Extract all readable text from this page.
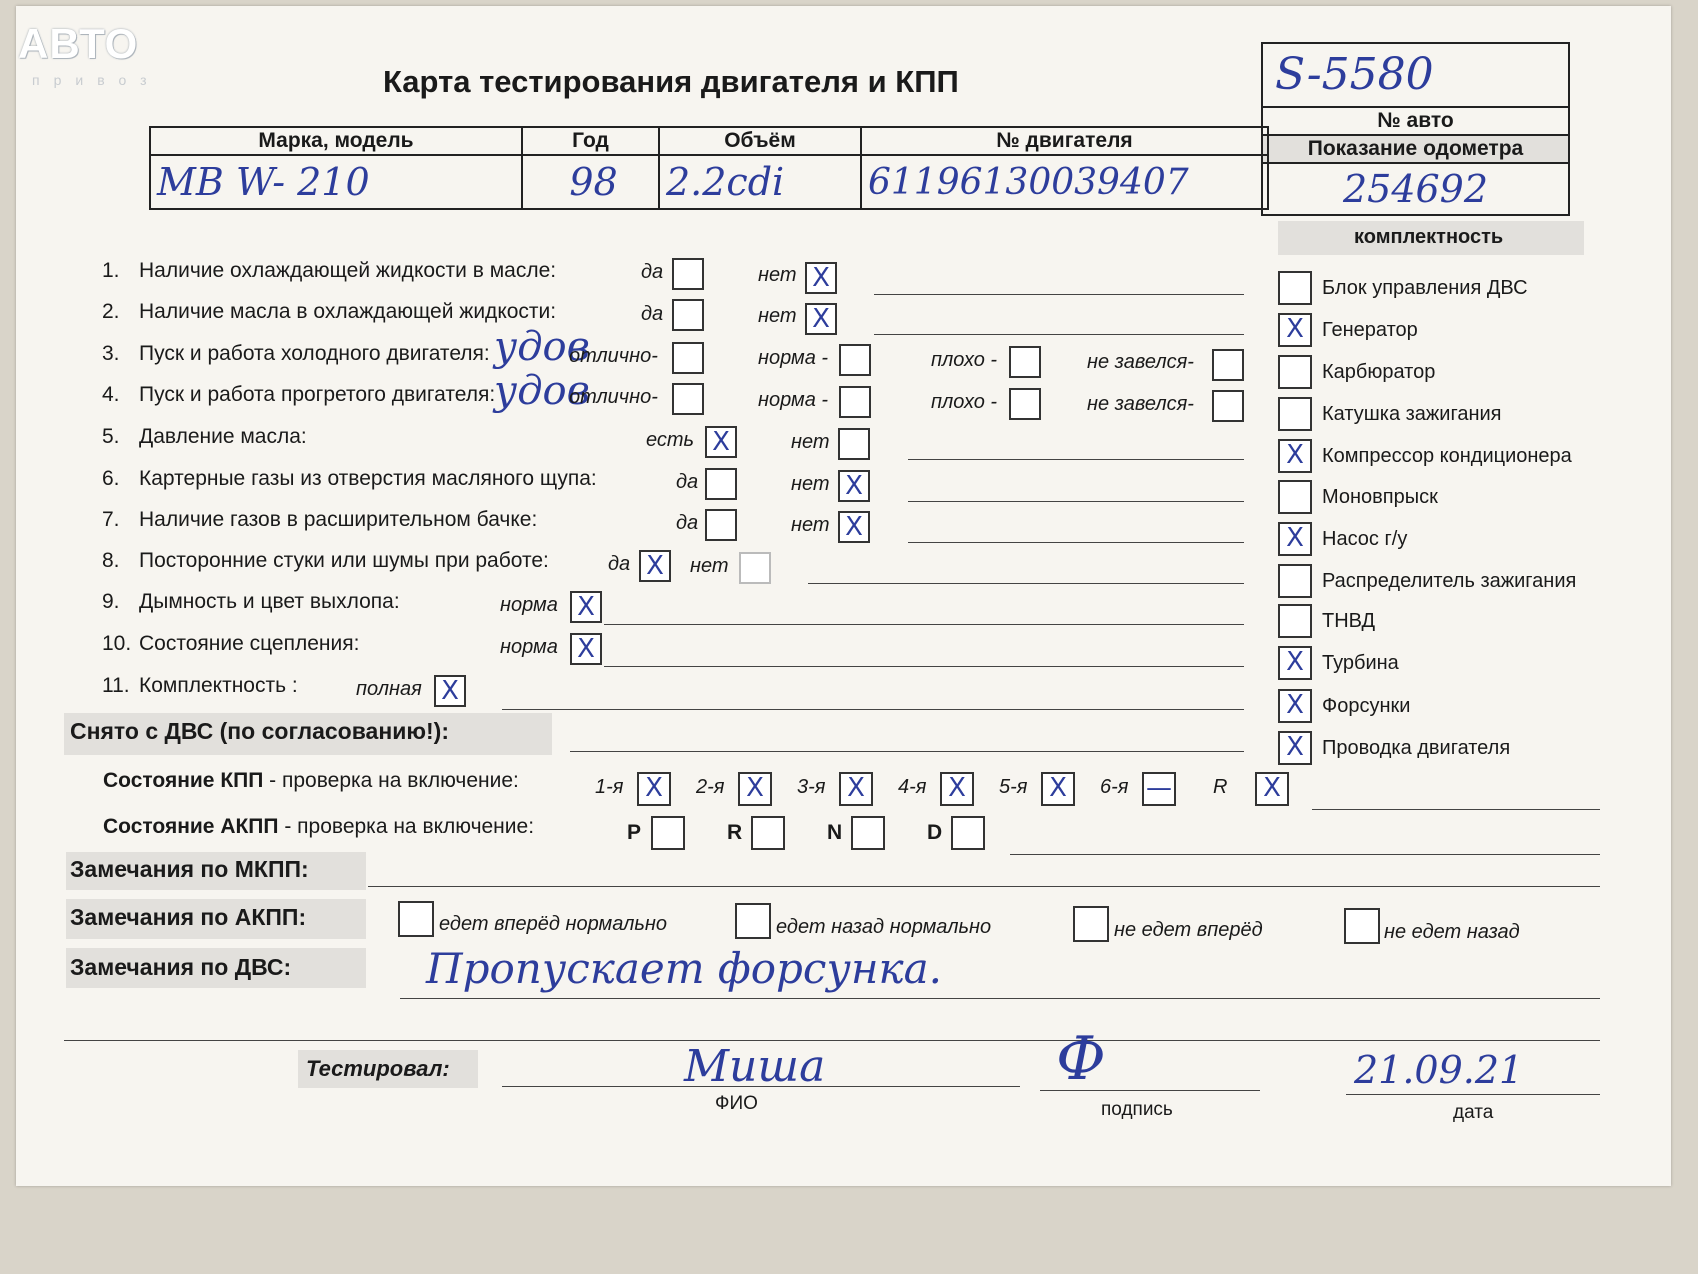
АВТО
привоз	Карта тестирования двигателя и КПП	S-5580
№ авто
Показание одометра
254692
Марка, модель	Год	Объём	№ двигателя
MB W- 210	98	2.2cdi	61196130039407
1. Наличие охлаждающей жидкости в масле:	да	нет X
2. Наличие масла в охлаждающей жидкости:	да	нет X
3. Пуск и работа холодного двигателя: удов
отлично-	норма -	плохо -	не завелся-
4. Пуск и работа прогретого двигателя:
удов
отлично-	норма -	плохо -	не завелся-
5. Давление масла:	есть X	нет
6. Картерные газы из отверстия масляного щупа:	да	нет X
7. Наличие газов в расширительном бачке:	да	нет X
8. Посторонние стуки или шумы при работе:	да X	нет
9. Дымность и цвет выхлопа:	норма X
10. Состояние сцепления:	норма X
11. Комплектность :	полная X
комплектность
Блок управления ДВС
X Генератор
Карбюратор
Катушка зажигания
X Компрессор кондиционера
Моновпрыск
X Насос г/у
Распределитель зажигания
ТНВД
X Турбина
X Форсунки
X Проводка двигателя
Снято с ДВС (по согласованию!):
Состояние КПП - проверка на включение:	1-я X	2-я X	3-я X	4-я X	5-я X	6-я — R	X
Состояние АКПП - проверка на включение:	P	R	N	D
Замечания по МКПП:
Замечания по АКПП:	едет вперёд нормально	едет назад нормально	не едет вперёд	не едет назад
Замечания по ДВС:	Пропускает форсунка.
Тестировал:	Миша
ФИО
Ф
подпись
21.09.21
дата
